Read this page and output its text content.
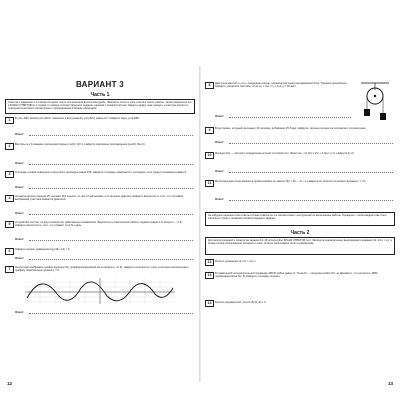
ВАРИАНТ 3
Часть 1
Ответом к заданиям 1–11 является целое число или конечная десятичная дробь. Запишите число в поле ответа в тексте работы, затем перенесите его в БЛАНК ОТВЕТОВ № 1 справа от номера соответствующего задания, начиная с первой клеточки. Каждую цифру, знак «минус» и запятую пишите в отдельной клеточке в соответствии с приведёнными в бланке образцами.
1	В угол ABC вписан угол BAC, смежного к внутреннему углу B(C) равна 11°. Найдите меру угла ABC.
Ответ:
2	Векторы a и b взаимно перпендикулярны и |a|=2, |b|=1. Найдите скалярное произведение (a+2b)·(3a−b).
Ответ:
3	Площадь осевой поверхности кругового цилиндра равна 156. Найдите площадь поверхности цилиндра, если радиус основания равен 6.
Ответ:
4	На мероприятие пришли 25 человек. В 8 школах, из них 12 мальчиков, а остальные девочки. Найдите вероятность того, что случайно выбранный участник окажется девочкой.
Ответ:
5	Устройство состоит из двух элементов, работающих независимо. Вероятность безотказной работы первого равна 0,9, второго — 0,8. Найдите вероятность того, что откажет хотя бы один.
Ответ:
6	Найдите корень уравнения log₂(16x−12) = 6.
Ответ:
7	На рисунке изображён график функции f(x), дифференцируемой на интервале (−9; 9). Найдите количество точек, в которых касательная к графику параллельна прямой y = 5.
Ответ:
12
8	Два груза массой m₁ и m₂ соединены нитью, перекинутой через неподвижный блок. Трением пренебречь. Найдите ускорение системы, если m₁ = 3 кг, m₂ = 5 кг, g = 10 м/с².
Ответ:
9	В ресторане, который посещают 40 человек, добавлено 25 блюд. Найдите, сколько процентов составляет эта величина.
Ответ:
10	Функция f(x) — чётная и определена на всей числовой оси. Известно, что f(x) = 2x² + 3 при x ≥ 0. Найдите f(−2).
Ответ:
11	Материальная точка движется прямолинейно по закону S(t) = 6t² − 4t + 1. Найдите её скорость в момент времени t = 3 с.
Ответ:
Не забудьте перенести все ответы в бланк ответов № 1 в соответствии с инструкцией по выполнению работы. Проверьте, чтобы каждый ответ был записан в строке с номером соответствующего задания.
Часть 2
Для записи решений и ответов на задания 12–18 используйте БЛАНК ОТВЕТОВ № 2. Запишите сначала номер выполняемого задания (12, 13 и т. д.), а затем полное обоснованное решение и ответ. Ответы записывайте чётко и разборчиво.
12	Решите уравнение sin 2x = cos x.
13	В правильной четырёхугольной пирамиде ABCD рёбра равны 6. Точка M — середина ребра SC. а) Докажите, что плоскость ABM перпендикулярна SC. б) Найдите площадь сечения.
14	Решите неравенство: (x²+2x−8)/(x−4) ≥ 0.
13
